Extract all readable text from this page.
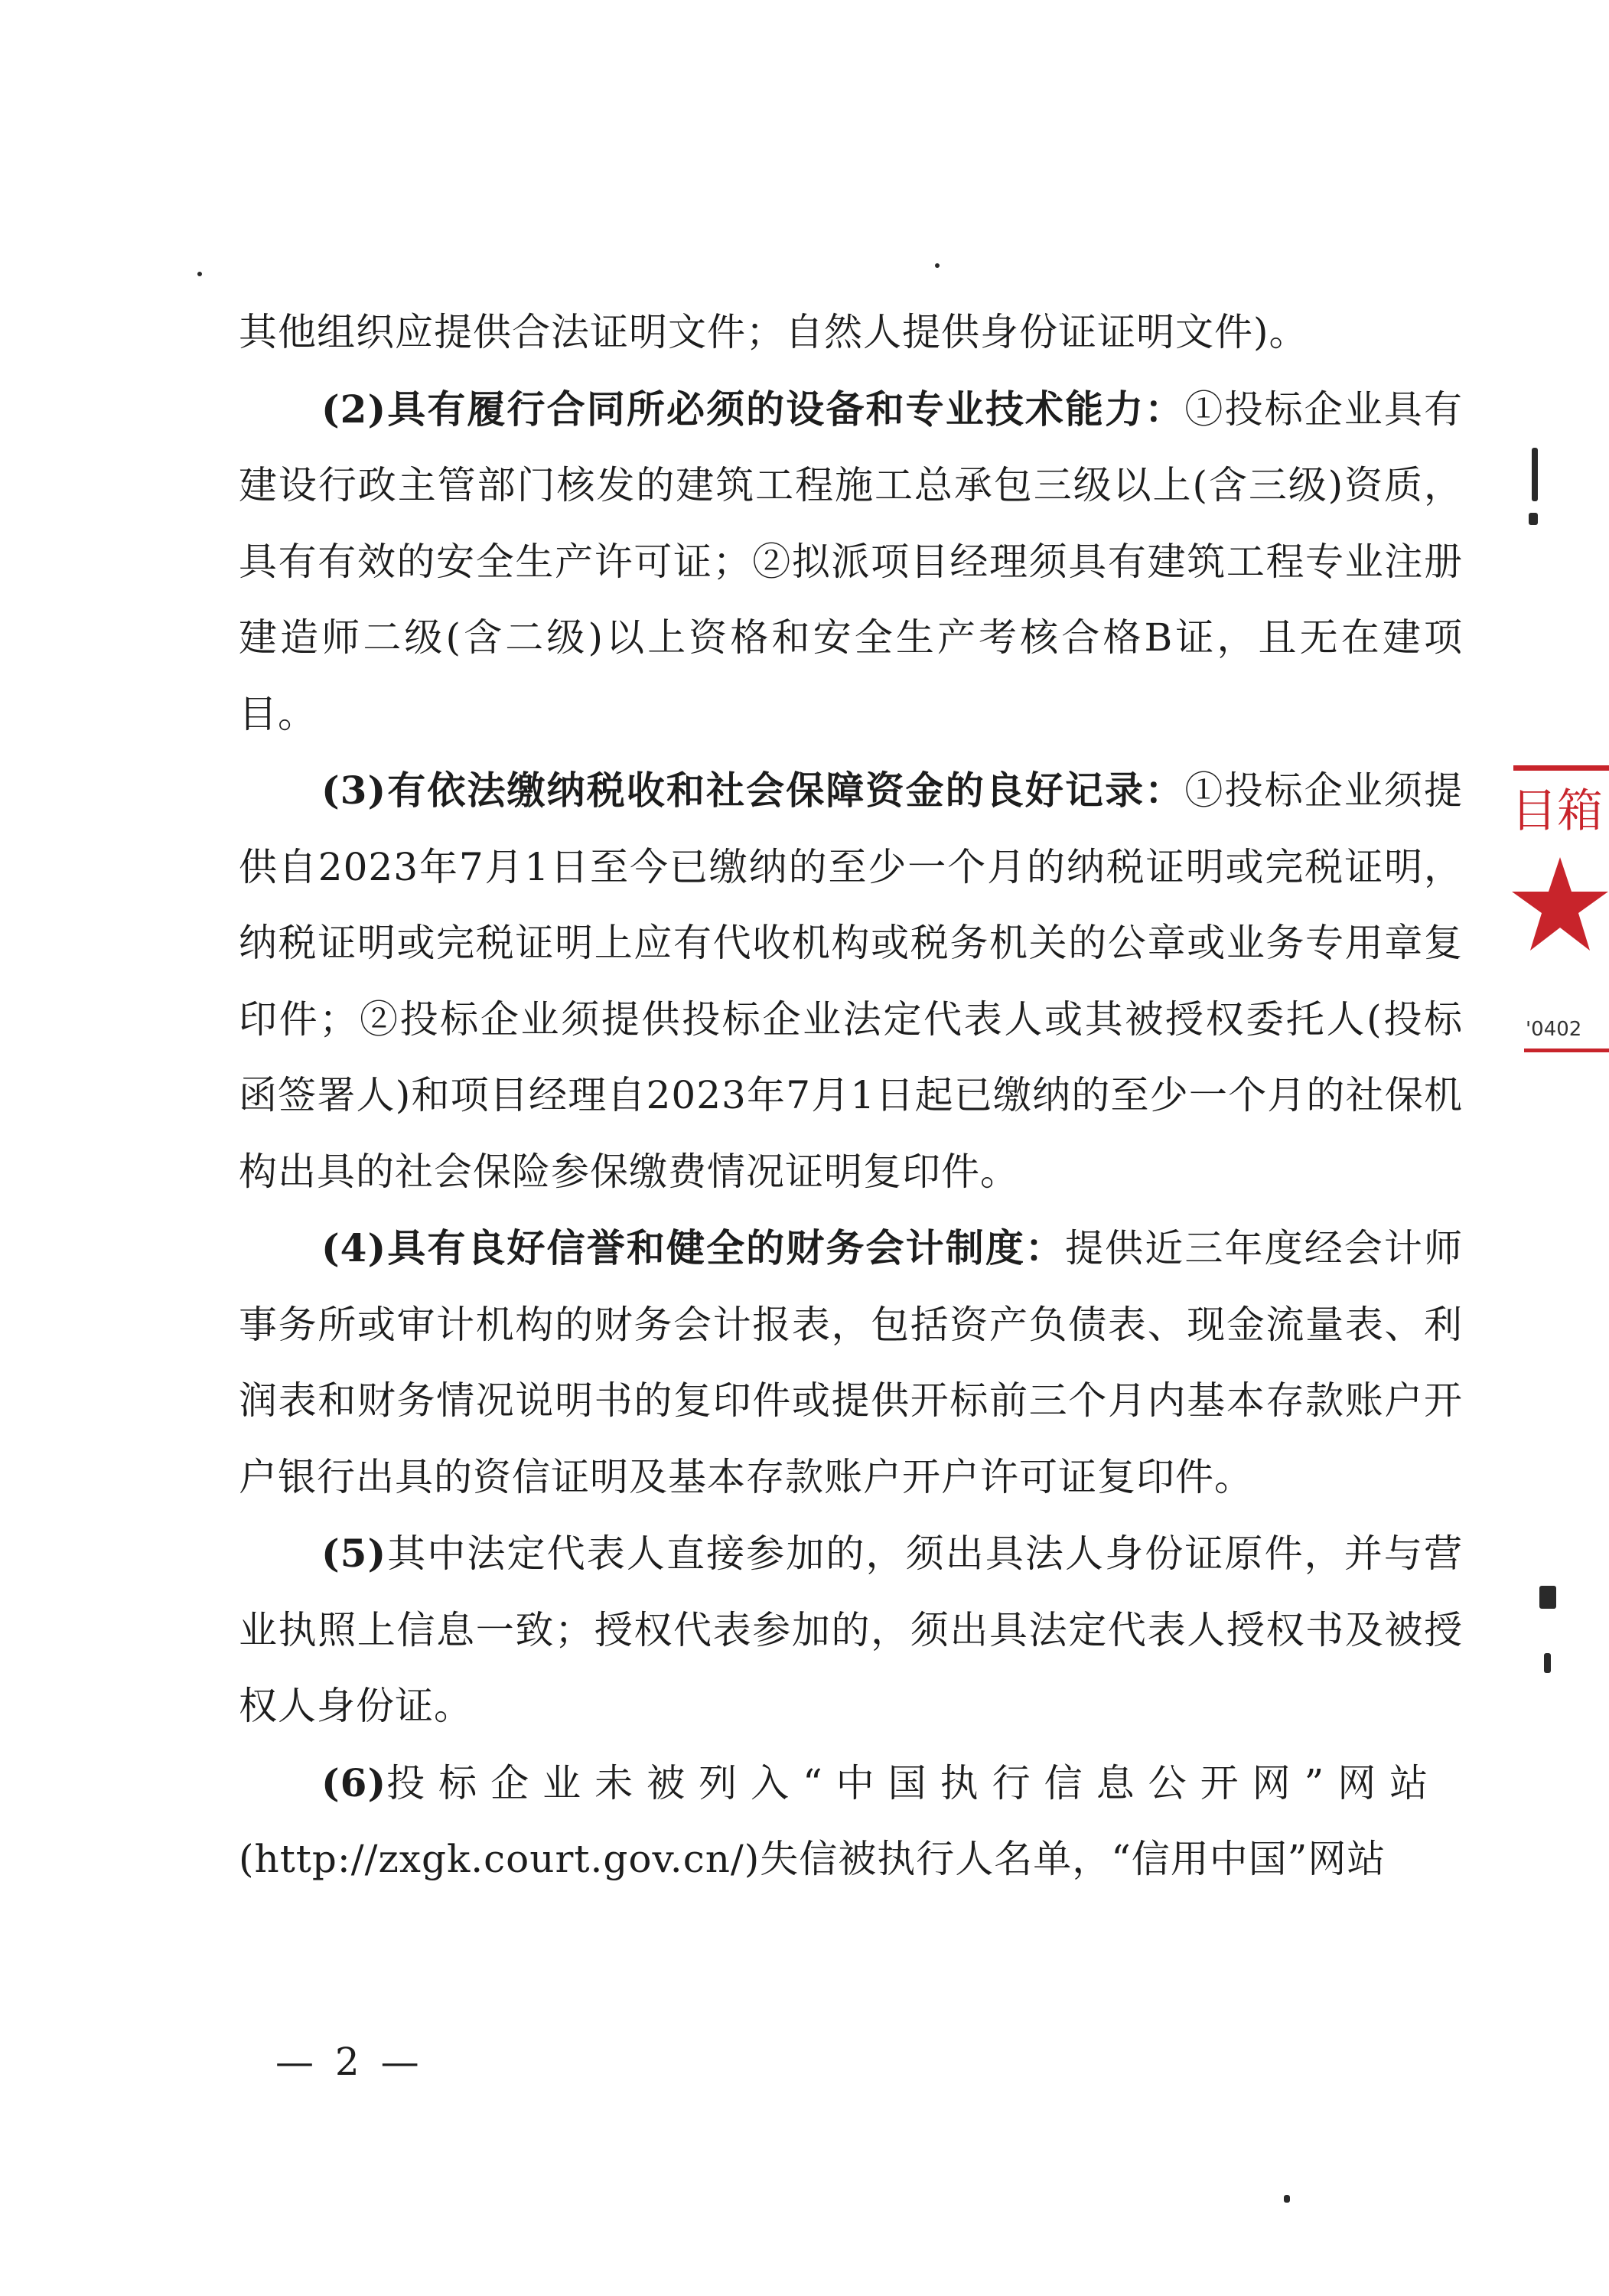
其他组织应提供合法证明文件；自然人提供身份证证明文件)。

(2)具有履行合同所必须的设备和专业技术能力：①投标企业具有建设行政主管部门核发的建筑工程施工总承包三级以上(含三级)资质，具有有效的安全生产许可证；②拟派项目经理须具有建筑工程专业注册建造师二级(含二级)以上资格和安全生产考核合格B证，且无在建项目。

(3)有依法缴纳税收和社会保障资金的良好记录：①投标企业须提供自2023年7月1日至今已缴纳的至少一个月的纳税证明或完税证明，纳税证明或完税证明上应有代收机构或税务机关的公章或业务专用章复印件；②投标企业须提供投标企业法定代表人或其被授权委托人(投标函签署人)和项目经理自2023年7月1日起已缴纳的至少一个月的社保机构出具的社会保险参保缴费情况证明复印件。

(4)具有良好信誉和健全的财务会计制度：提供近三年度经会计师事务所或审计机构的财务会计报表，包括资产负债表、现金流量表、利润表和财务情况说明书的复印件或提供开标前三个月内基本存款账户开户银行出具的资信证明及基本存款账户开户许可证复印件。

(5)其中法定代表人直接参加的，须出具法人身份证原件，并与营业执照上信息一致；授权代表参加的，须出具法定代表人授权书及被授权人身份证。

(6)投标企业未被列入“中国执行信息公开网”网站
(http://zxgk.court.gov.cn/)失信被执行人名单，“信用中国”网站

— 2 —
目箱
'0402
